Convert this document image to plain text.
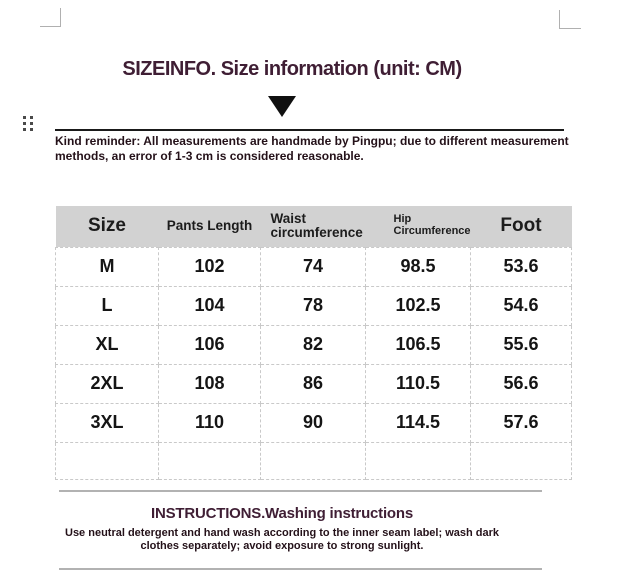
SIZEINFO. Size information (unit: CM)
Kind reminder: All measurements are handmade by Pingpu; due to different measurement methods, an error of 1-3 cm is considered reasonable.
Size	Pants Length	Waist circumference	Hip Circumference	Foot
M	102	74	98.5	53.6
L	104	78	102.5	54.6
XL	106	82	106.5	55.6
2XL	108	86	110.5	56.6
3XL	110	90	114.5	57.6

INSTRUCTIONS.Washing instructions
Use neutral detergent and hand wash according to the inner seam label; wash dark clothes separately; avoid exposure to strong sunlight.
